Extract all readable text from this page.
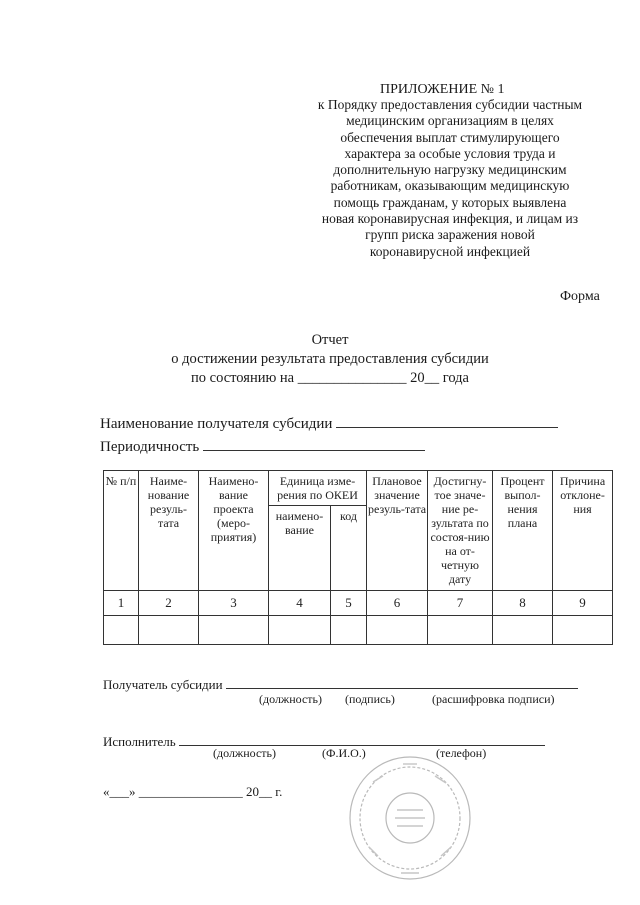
ПРИЛОЖЕНИЕ № 1
к Порядку предоставления субсидии частным
медицинским организациям в целях
обеспечения выплат стимулирующего
характера за особые условия труда и
дополнительную нагрузку медицинским
работникам, оказывающим медицинскую
помощь гражданам, у которых выявлена
новая коронавирусная инфекция, и лицам из
групп риска заражения новой
коронавирусной инфекцией
Форма
Отчет
о достижении результата предоставления субсидии
по состоянию на _______________ 20__ года
Наименование получателя субсидии
Периодичность
№ п/п	Наиме-нование резуль-тата	Наимено-вание проекта (меро-приятия)	Единица изме-рения по ОКЕИ		Плановое значение резуль-тата	Достигну-тое значе-ние ре-зультата по состоя-нию на от-четную дату	Процент выпол-нения плана	Причина отклоне-ния
			наимено-вание	код				
1	2	3	4	5	6	7	8	9

Получатель субсидии
(должность) (подпись)	(расшифровка подписи)
Исполнитель
(должность)	(Ф.И.О.)	(телефон)
«___» ________________ 20__ г.
